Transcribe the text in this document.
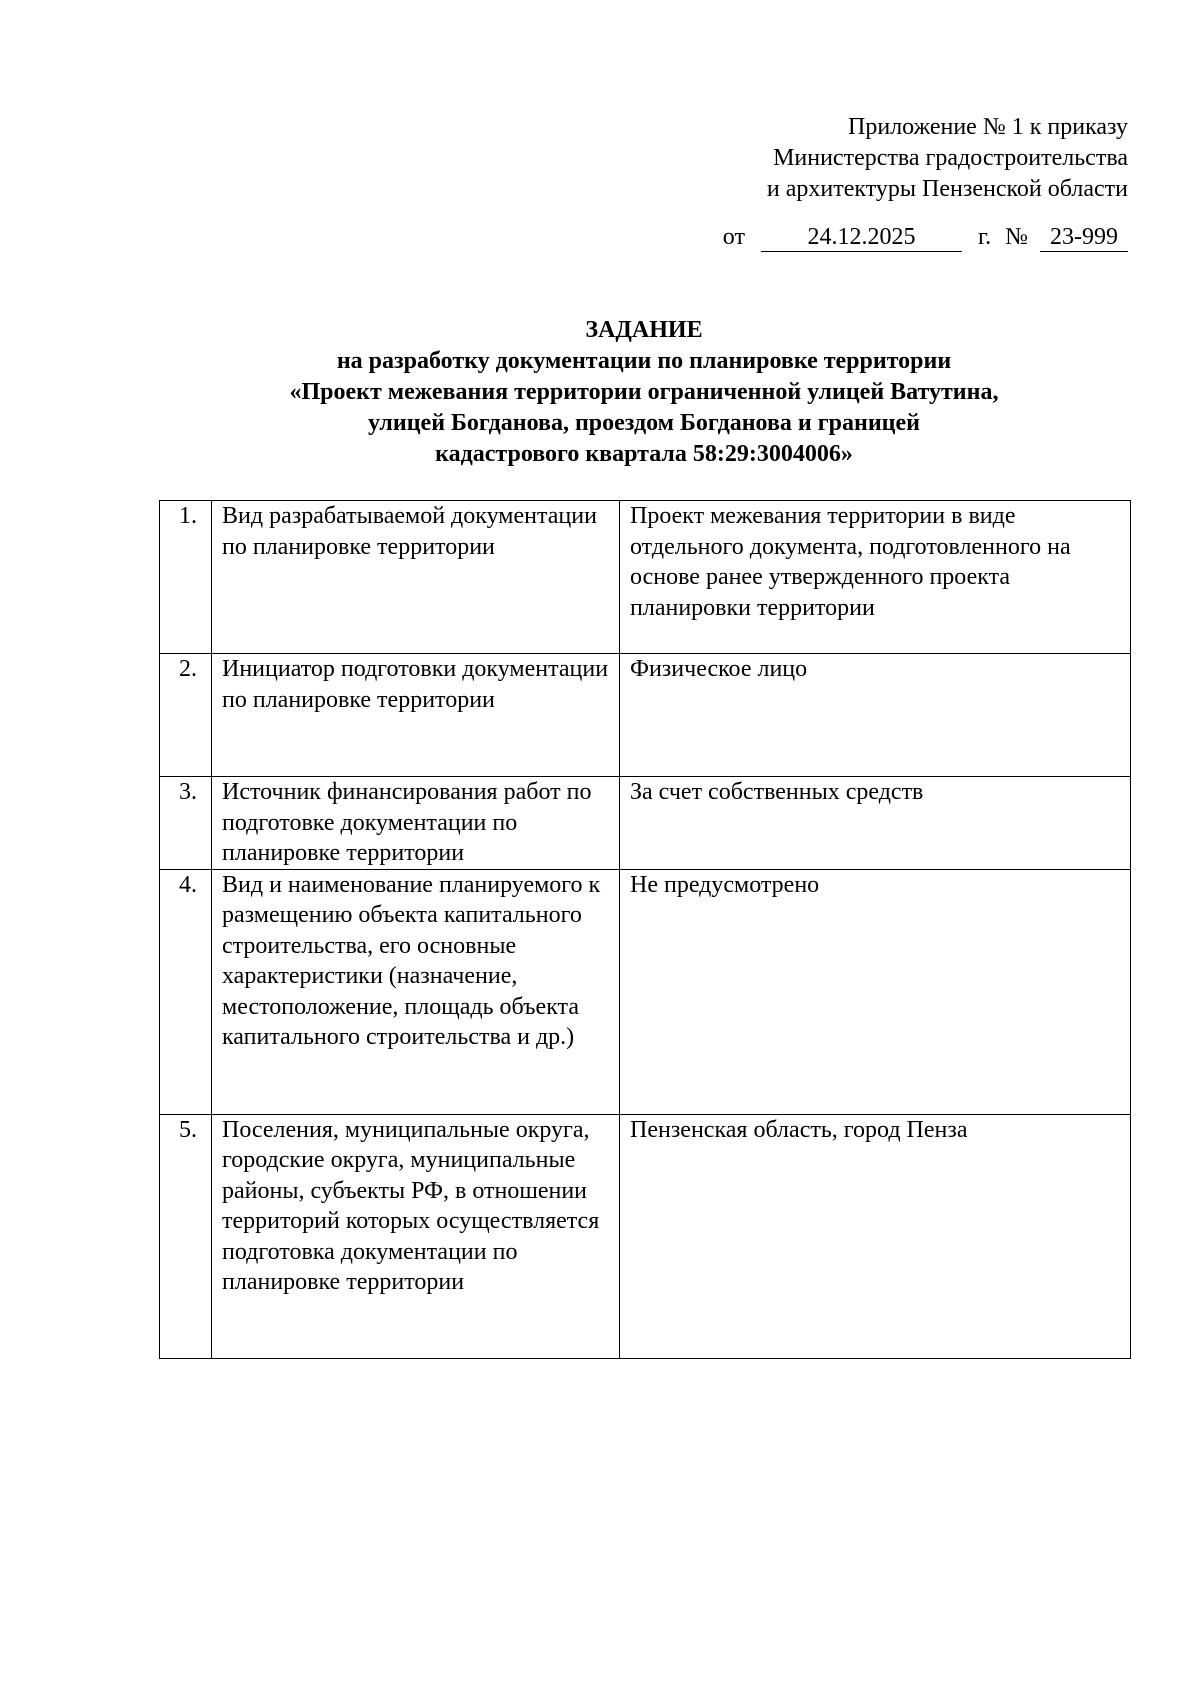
Приложение № 1 к приказу
Министерства градостроительства
и архитектуры Пензенской области
от	24.12.2025	г. № 23-999
ЗАДАНИЕ
на разработку документации по планировке территории
«Проект межевания территории ограниченной улицей Ватутина,
улицей Богданова, проездом Богданова и границей
кадастрового квартала 58:29:3004006»
1.	Вид разрабатываемой документации по планировке территории	Проект межевания территории в виде отдельного документа, подготовленного на основе ранее утвержденного проекта планировки территории
2.	Инициатор подготовки документации по планировке территории	Физическое лицо
3.	Источник финансирования работ по подготовке документации по планировке территории	За счет собственных средств
4.	Вид и наименование планируемого к размещению объекта капитального строительства, его основные характеристики (назначение, местоположение, площадь объекта капитального строительства и др.)	Не предусмотрено
5.	Поселения, муниципальные округа, городские округа, муниципальные районы, субъекты РФ, в отношении территорий которых осуществляется подготовка документации по планировке территории	Пензенская область, город Пенза
